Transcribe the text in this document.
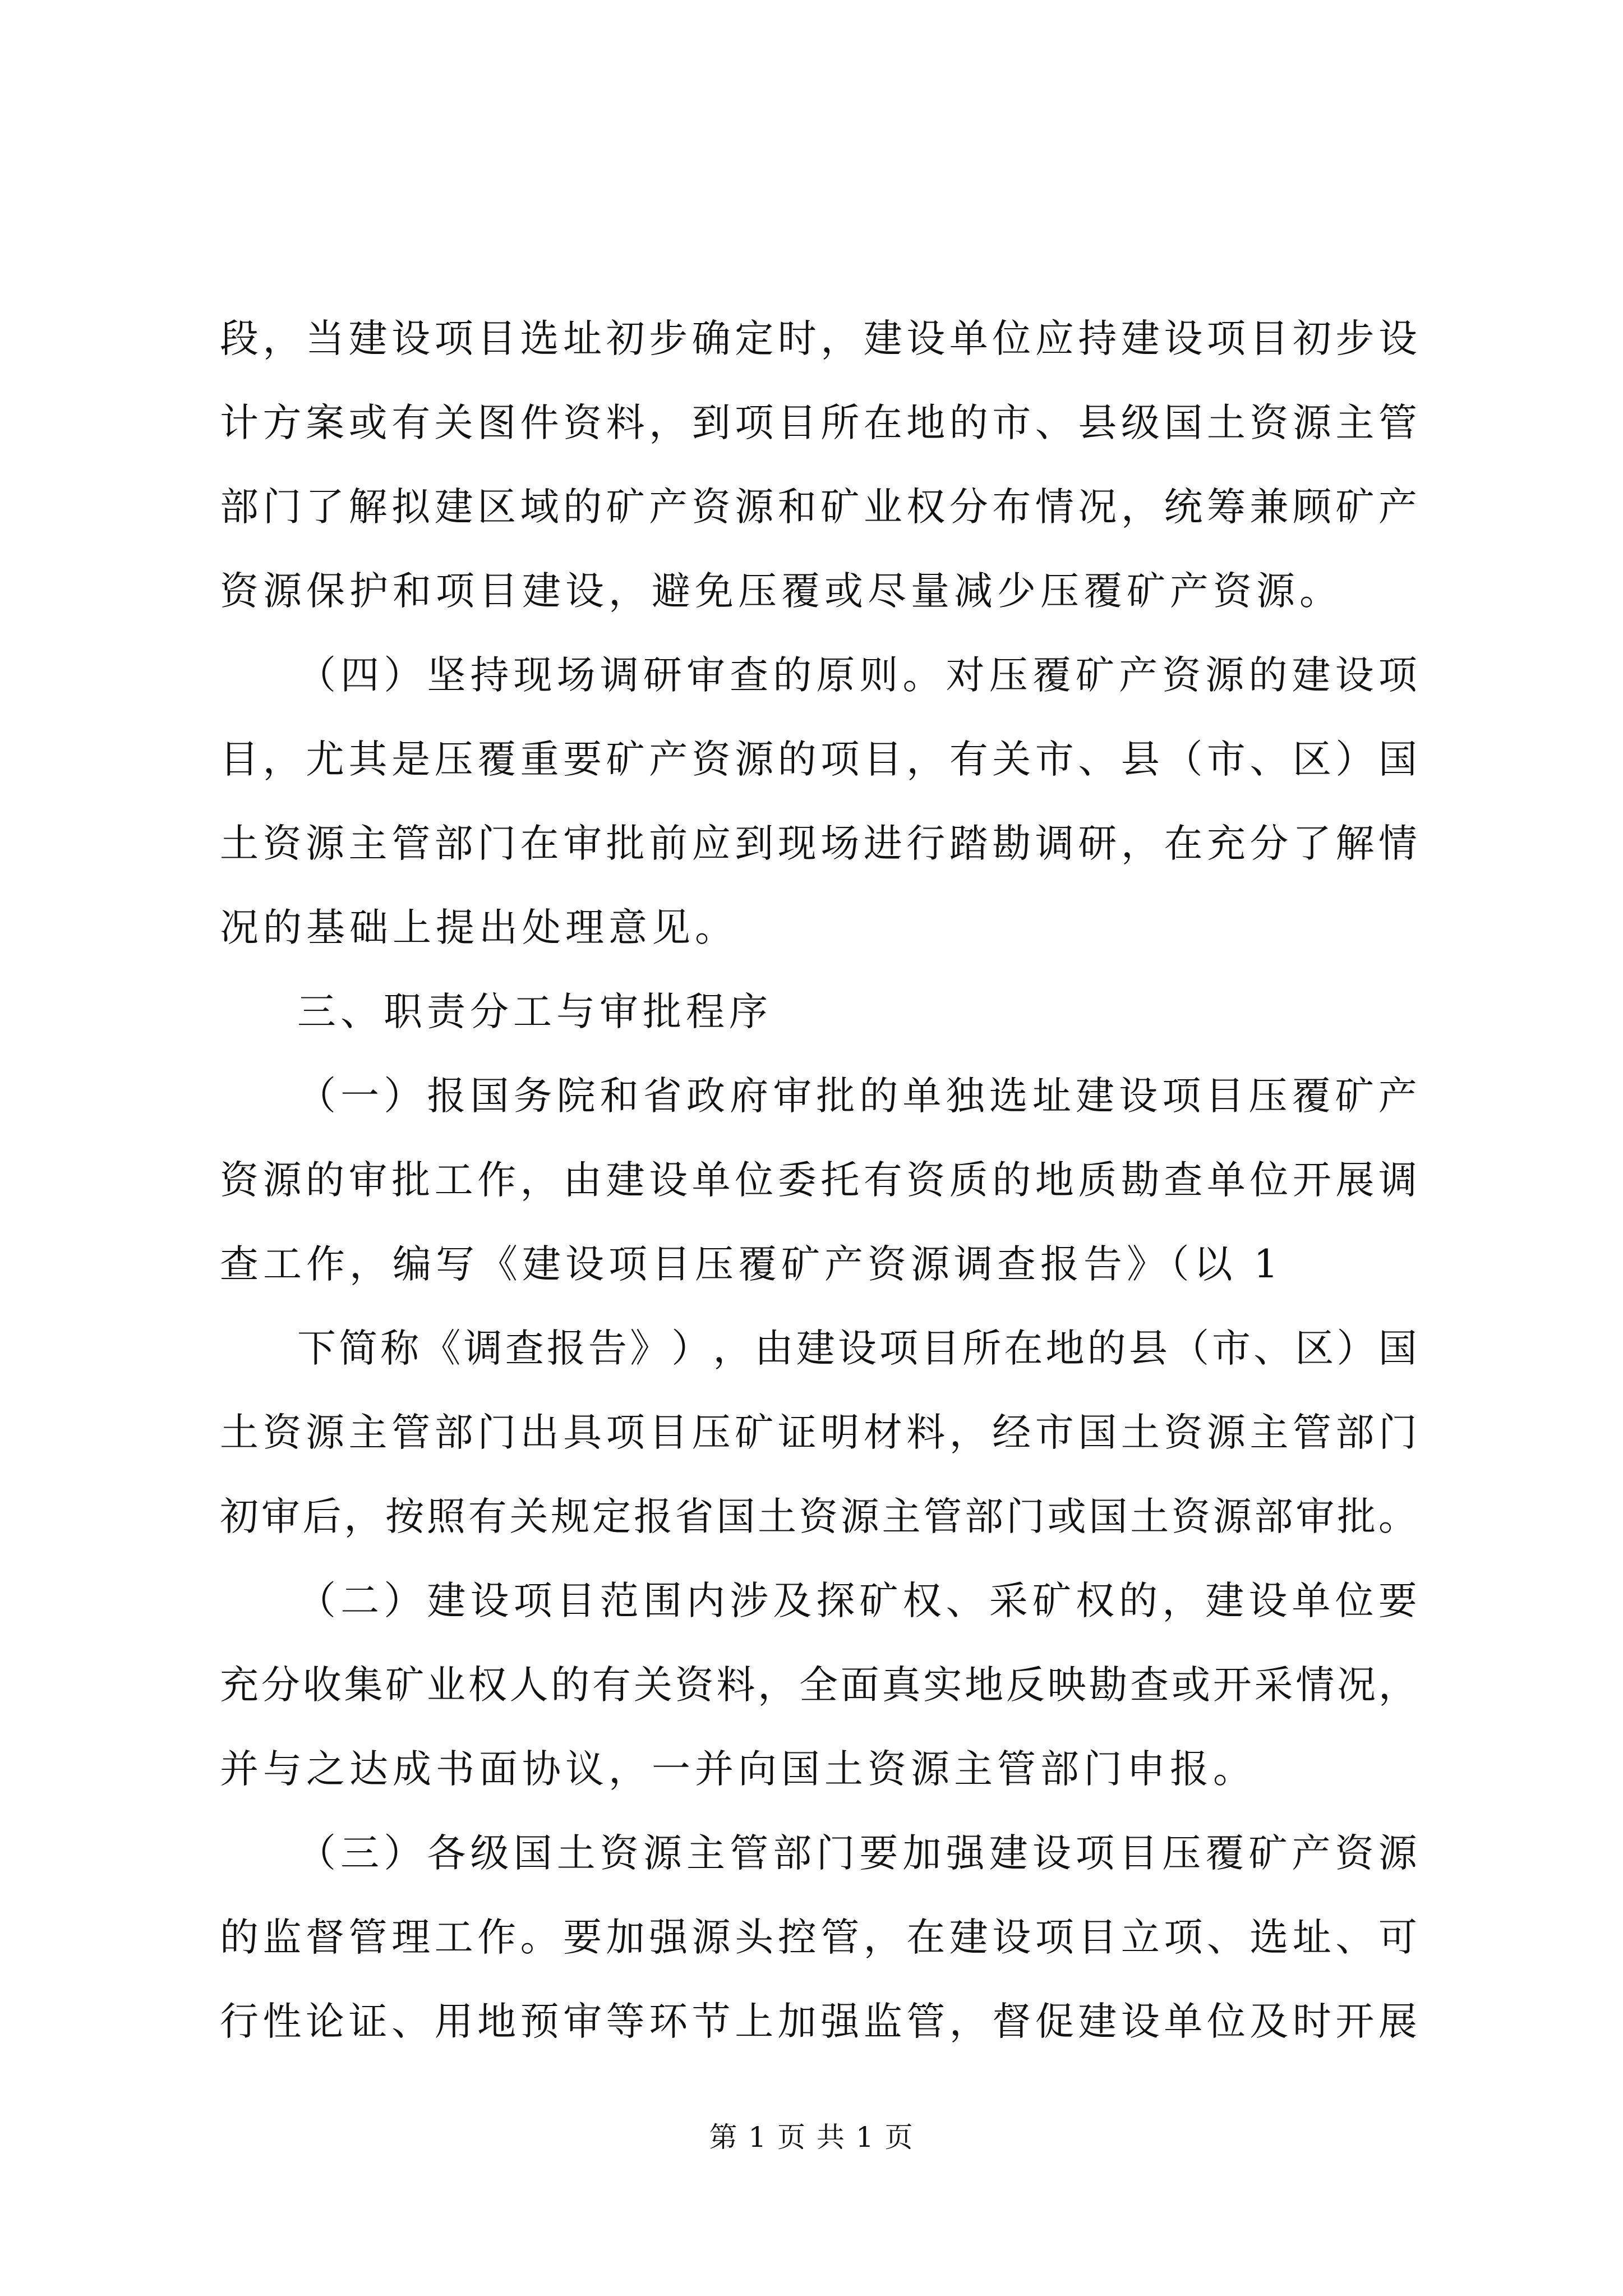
段 ， 当 建 设 项 目 选 址 初 步 确 定 时 ， 建 设 单 位 应 持 建 设 项 目 初 步 设
计 方 案 或 有 关 图 件 资 料 ， 到 项 目 所 在 地 的 市 、 县 级 国 土 资 源 主 管
部 门 了 解 拟 建 区 域 的 矿 产 资 源 和 矿 业 权 分 布 情 况 ， 统 筹 兼 顾 矿 产
资源保护和项目建设，避免压覆或尽量减少压覆矿产资源。
（ 四 ） 坚 持 现 场 调 研 审 查 的 原 则 。 对 压 覆 矿 产 资 源 的 建 设 项
目 ， 尤 其 是 压 覆 重 要 矿 产 资 源 的 项 目 ， 有 关 市 、 县 （ 市 、 区 ） 国
土 资 源 主 管 部 门 在 审 批 前 应 到 现 场 进 行 踏 勘 调 研 ， 在 充 分 了 解 情
况的基础上提出处理意见。
三、职责分工与审批程序
（ 一 ） 报 国 务 院 和 省 政 府 审 批 的 单 独 选 址 建 设 项 目 压 覆 矿 产
资 源 的 审 批 工 作 ， 由 建 设 单 位 委 托 有 资 质 的 地 质 勘 查 单 位 开 展 调
查工作，编写《建设项目压覆矿产资源调查报告》（以 1
下 简 称 《 调 查 报 告 》 ） ， 由 建 设 项 目 所 在 地 的 县 （ 市 、 区 ） 国
土 资 源 主 管 部 门 出 具 项 目 压 矿 证 明 材 料 ， 经 市 国 土 资 源 主 管 部 门
初 审 后 ， 按 照 有 关 规 定 报 省 国 土 资 源 主 管 部 门 或 国 土 资 源 部 审 批 。
（ 二 ） 建 设 项 目 范 围 内 涉 及 探 矿 权 、 采 矿 权 的 ， 建 设 单 位 要
充 分 收 集 矿 业 权 人 的 有 关 资 料 ， 全 面 真 实 地 反 映 勘 查 或 开 采 情 况 ，
并与之达成书面协议，一并向国土资源主管部门申报。
（ 三 ） 各 级 国 土 资 源 主 管 部 门 要 加 强 建 设 项 目 压 覆 矿 产 资 源
的 监 督 管 理 工 作 。 要 加 强 源 头 控 管 ， 在 建 设 项 目 立 项 、 选 址 、 可
行 性 论 证 、 用 地 预 审 等 环 节 上 加 强 监 管 ， 督 促 建 设 单 位 及 时 开 展
第 1 页 共 1 页
